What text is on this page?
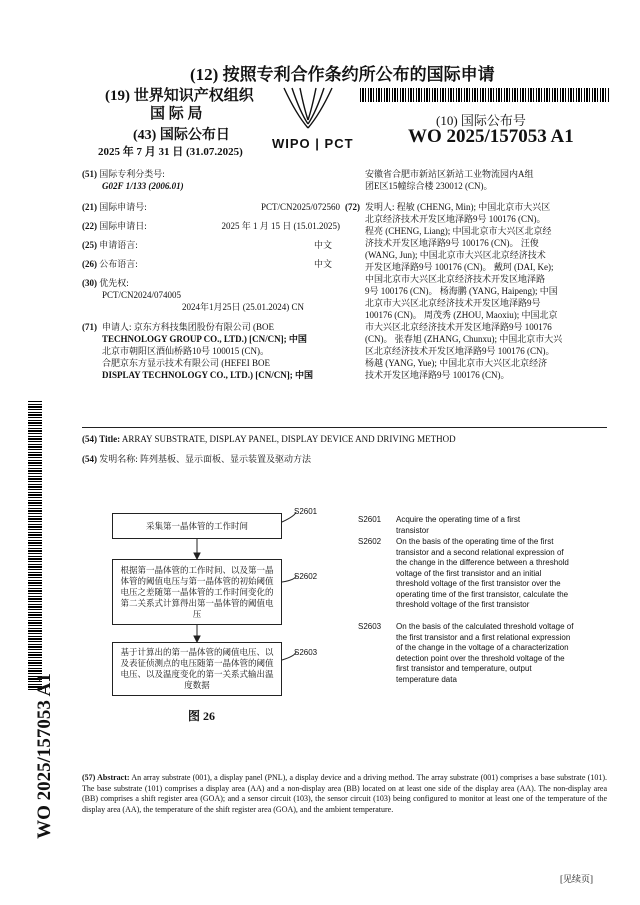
(12) 按照专利合作条约所公布的国际申请
(19) 世界知识产权组织
国 际 局
(43) 国际公布日
2025 年 7 月 31 日 (31.07.2025)
WIPO | PCT
(10) 国际公布号
WO 2025/157053 A1
(51) 国际专利分类号:
G02F 1/133 (2006.01)
(21) 国际申请号:	PCT/CN2025/072560
(22) 国际申请日:	2025 年 1 月 15 日 (15.01.2025)
(25) 申请语言:	中文
(26) 公布语言:	中文
(30) 优先权:
PCT/CN2024/074005
2024年1月25日 (25.01.2024) CN
(71) 申请人: 京东方科技集团股份有限公司 (BOE
TECHNOLOGY GROUP CO., LTD.) [CN/CN]; 中国
北京市朝阳区酒仙桥路10号 100015 (CN)。
合肥京东方显示技术有限公司 (HEFEI BOE
DISPLAY TECHNOLOGY CO., LTD.) [CN/CN]; 中国
安徽省合肥市新站区新站工业物流园内A组
团E区15幢综合楼 230012 (CN)。
(72) 发明人: 程敏 (CHENG, Min); 中国北京市大兴区
北京经济技术开发区地泽路9号 100176 (CN)。
程亮 (CHENG, Liang); 中国北京市大兴区北京经
济技术开发区地泽路9号 100176 (CN)。 汪俊
(WANG, Jun); 中国北京市大兴区北京经济技术
开发区地泽路9号 100176 (CN)。 戴珂 (DAI, Ke);
中国北京市大兴区北京经济技术开发区地泽路
9号 100176 (CN)。 杨海鹏 (YANG, Haipeng); 中国
北京市大兴区北京经济技术开发区地泽路9号
100176 (CN)。 周茂秀 (ZHOU, Maoxiu); 中国北京
市大兴区北京经济技术开发区地泽路9号 100176
(CN)。 张春旭 (ZHANG, Chunxu); 中国北京市大兴
区北京经济技术开发区地泽路9号 100176 (CN)。
杨越 (YANG, Yue); 中国北京市大兴区北京经济
技术开发区地泽路9号 100176 (CN)。
WO 2025/157053 A1
(54) Title: ARRAY SUBSTRATE, DISPLAY PANEL, DISPLAY DEVICE AND DRIVING METHOD
(54) 发明名称: 阵列基板、显示面板、显示装置及驱动方法
采集第一晶体管的工作时间
根据第一晶体管的工作时间、以及第一晶体管的阈值电压与第一晶体管的初始阈值电压之差随第一晶体管的工作时间变化的第二关系式计算得出第一晶体管的阈值电压
基于计算出的第一晶体管的阈值电压、以及表征侦测点的电压随第一晶体管的阈值电压、以及温度变化的第一关系式输出温度数据
S2601
S2602
S2603
图 26
S2601 Acquire the operating time of a first transistor
S2602 On the basis of the operating time of the first transistor and a second relational expression of the change in the difference between a threshold voltage of the first transistor and an initial threshold voltage of the first transistor over the operating time of the first transistor, calculate the threshold voltage of the first transistor
S2603 On the basis of the calculated threshold voltage of the first transistor and a first relational expression of the change in the voltage of a characterization detection point over the threshold voltage of the first transistor and temperature, output temperature data
(57) Abstract: An array substrate (001), a display panel (PNL), a display device and a driving method. The array substrate (001) comprises a base substrate (101). The base substrate (101) comprises a display area (AA) and a non-display area (BB) located on at least one side of the display area (AA). The non-display area (BB) comprises a shift register area (GOA); and a sensor circuit (103), the sensor circuit (103) being configured to monitor at least one of the temperature of the display area (AA), the temperature of the shift register area (GOA), and the ambient temperature.
[见续页]
